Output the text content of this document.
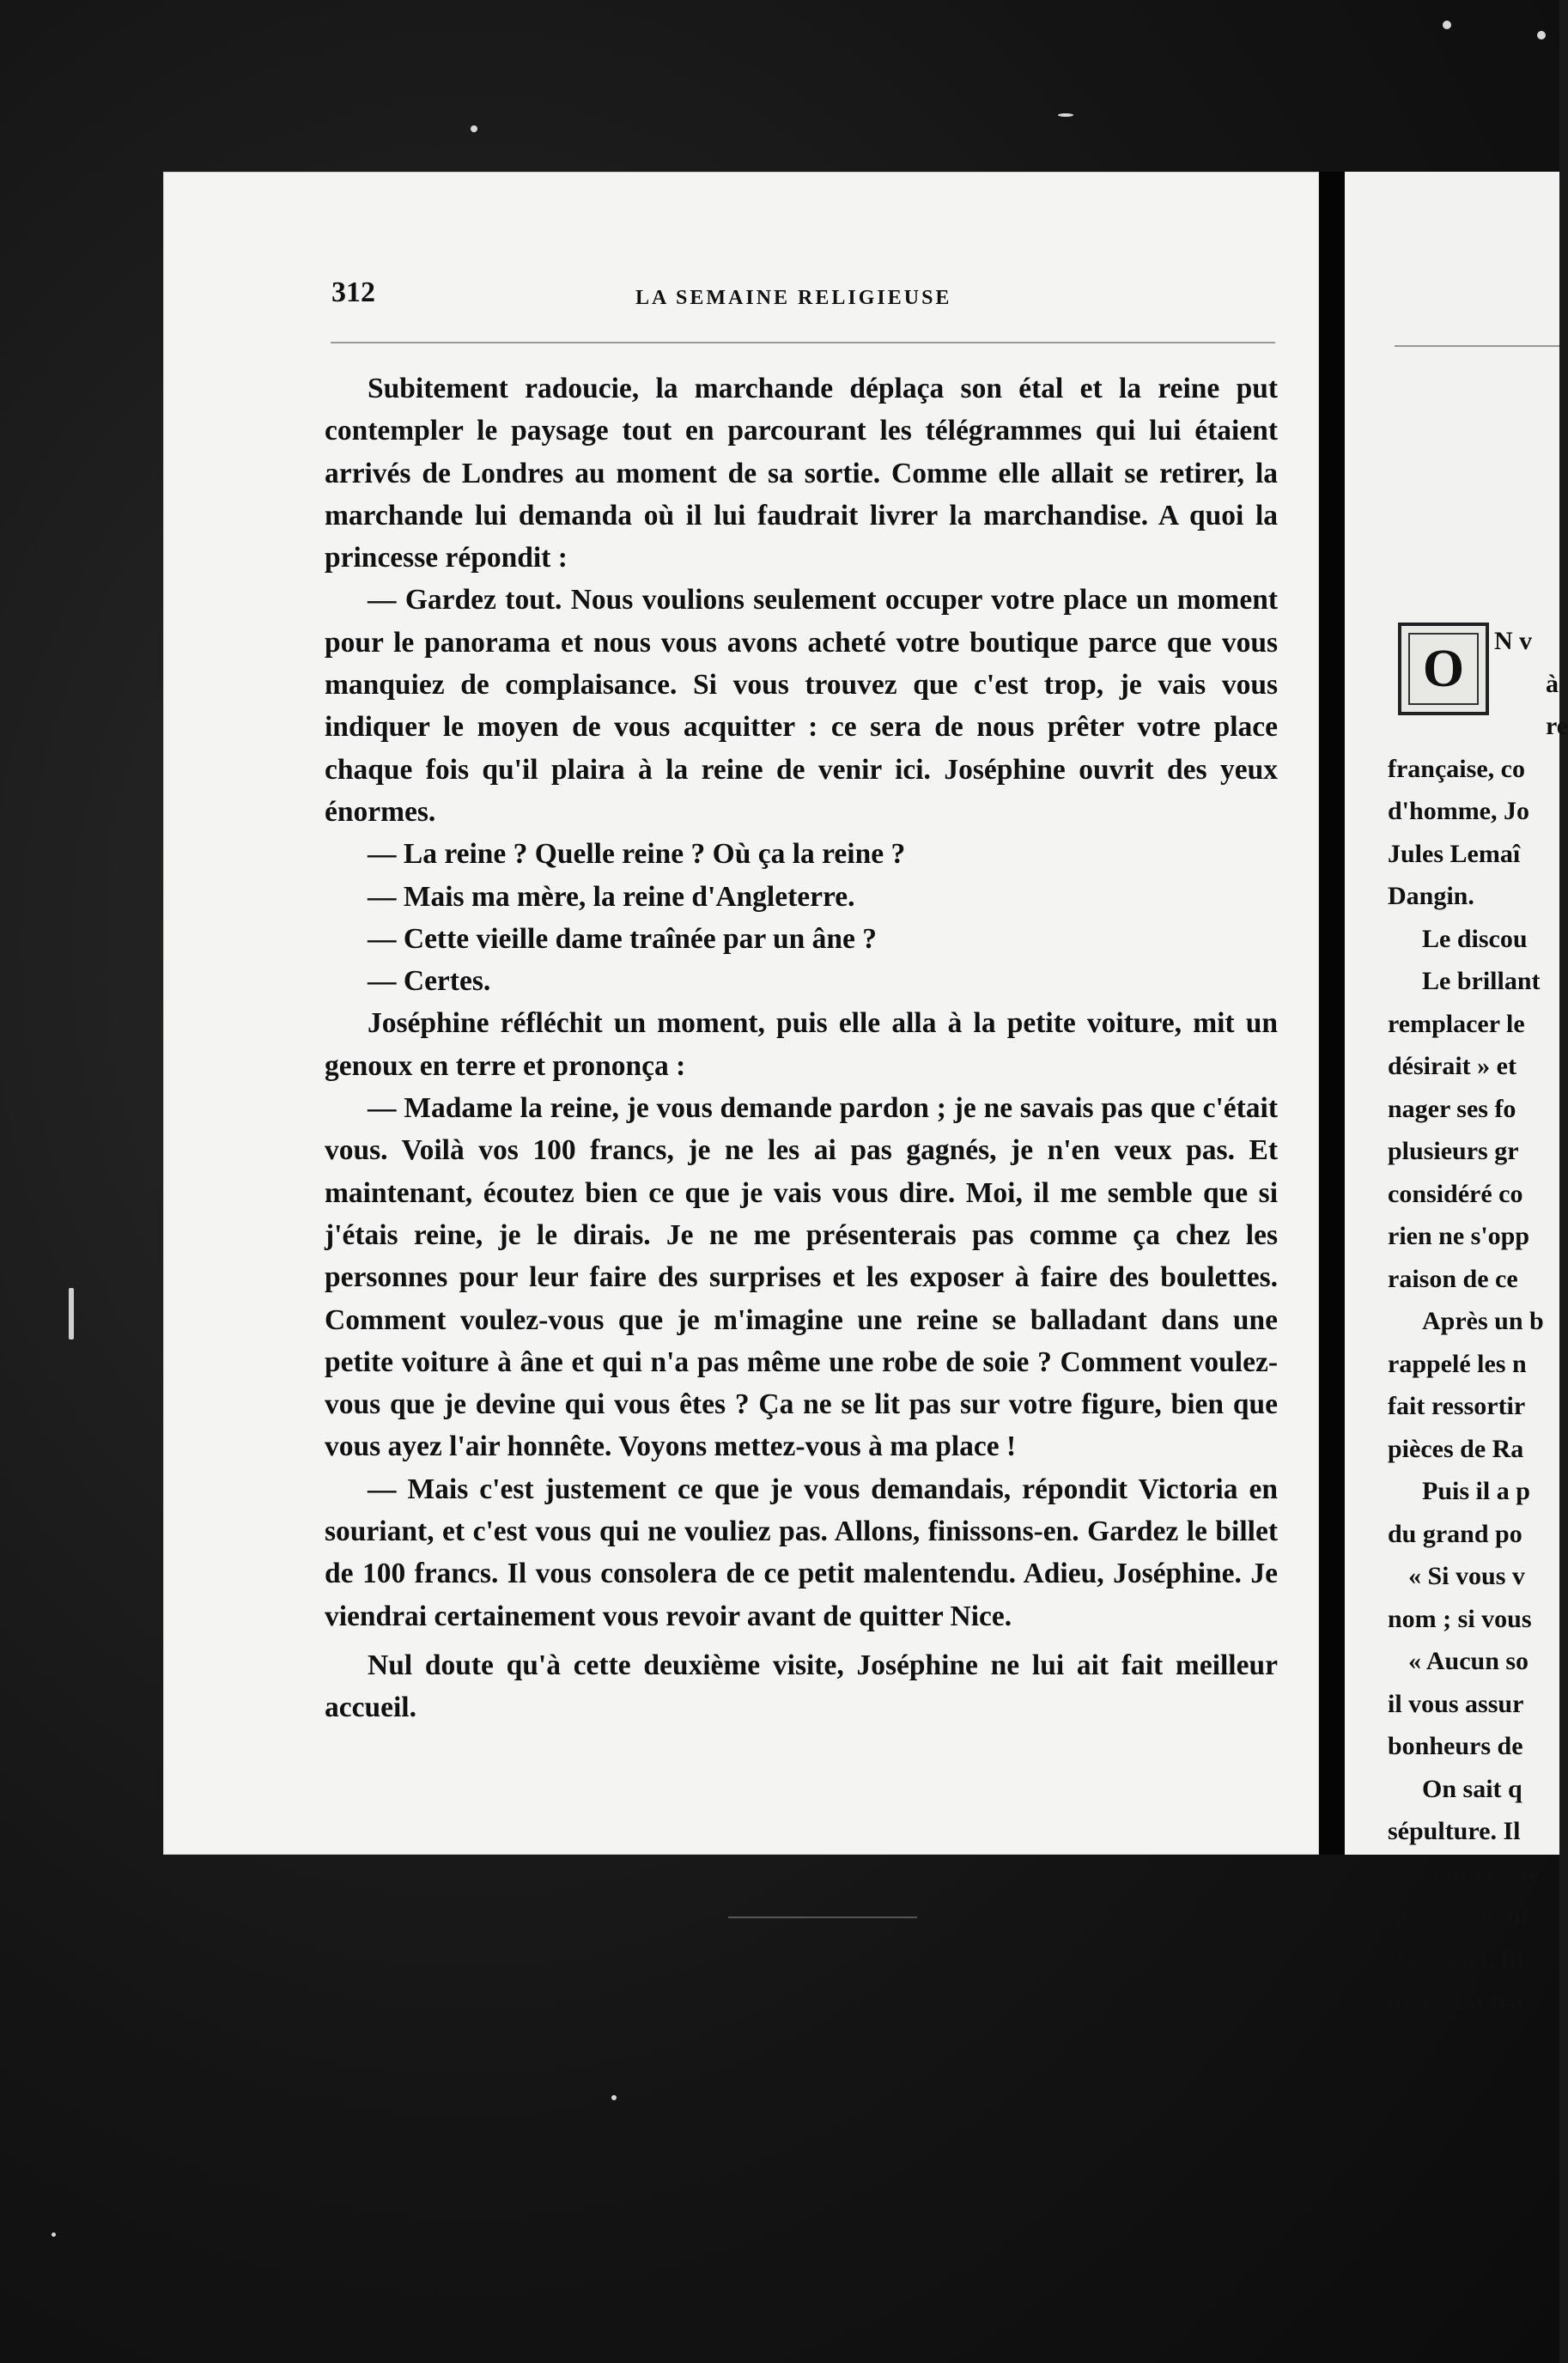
312	LA SEMAINE RELIGIEUSE

Subitement radoucie, la marchande déplaça son étal et la reine put contempler le paysage tout en parcourant les télégrammes qui lui étaient arrivés de Londres au moment de sa sortie. Comme elle allait se retirer, la marchande lui demanda où il lui faudrait livrer la marchandise. A quoi la princesse répondit :

— Gardez tout. Nous voulions seulement occuper votre place un moment pour le panorama et nous vous avons acheté votre boutique parce que vous manquiez de complaisance. Si vous trouvez que c'est trop, je vais vous indiquer le moyen de vous acquitter : ce sera de nous prêter votre place chaque fois qu'il plaira à la reine de venir ici. Joséphine ouvrit des yeux énormes.

— La reine ? Quelle reine ? Où ça la reine ?

— Mais ma mère, la reine d'Angleterre.

— Cette vieille dame traînée par un âne ?

— Certes.

Joséphine réfléchit un moment, puis elle alla à la petite voiture, mit un genoux en terre et prononça :

— Madame la reine, je vous demande pardon ; je ne savais pas que c'était vous. Voilà vos 100 francs, je ne les ai pas gagnés, je n'en veux pas. Et maintenant, écoutez bien ce que je vais vous dire. Moi, il me semble que si j'étais reine, je le dirais. Je ne me présenterais pas comme ça chez les personnes pour leur faire des surprises et les exposer à faire des boulettes. Comment voulez-vous que je m'imagine une reine se balladant dans une petite voiture à âne et qui n'a pas même une robe de soie ? Comment voulez-vous que je devine qui vous êtes ? Ça ne se lit pas sur votre figure, bien que vous ayez l'air honnête. Voyons mettez-vous à ma place !

— Mais c'est justement ce que je vous demandais, répondit Victoria en souriant, et c'est vous qui ne vouliez pas. Allons, finissons-en. Gardez le billet de 100 francs. Il vous consolera de ce petit malentendu. Adieu, Joséphine. Je viendrai certainement vous revoir avant de quitter Nice.

Nul doute qu'à cette deuxième visite, Joséphine ne lui ait fait meilleur accueil.

O	N v
à
re
française, co
d'homme, Jo
Jules Lemaî
Dangin.
Le discou
Le brillant
remplacer le
désirait » et
nager ses fo
plusieurs gr
considéré co
rien ne s'opp
raison de ce
Après un b
rappelé les n
fait ressortir
pièces de Ra
Puis il a p
du grand po
« Si vous v
nom ; si vous
« Aucun so
il vous assur
bonheurs de
On sait q
sépulture. Il
ordonna la de
qui y avaient
Romanet, fit
mari. La tra
